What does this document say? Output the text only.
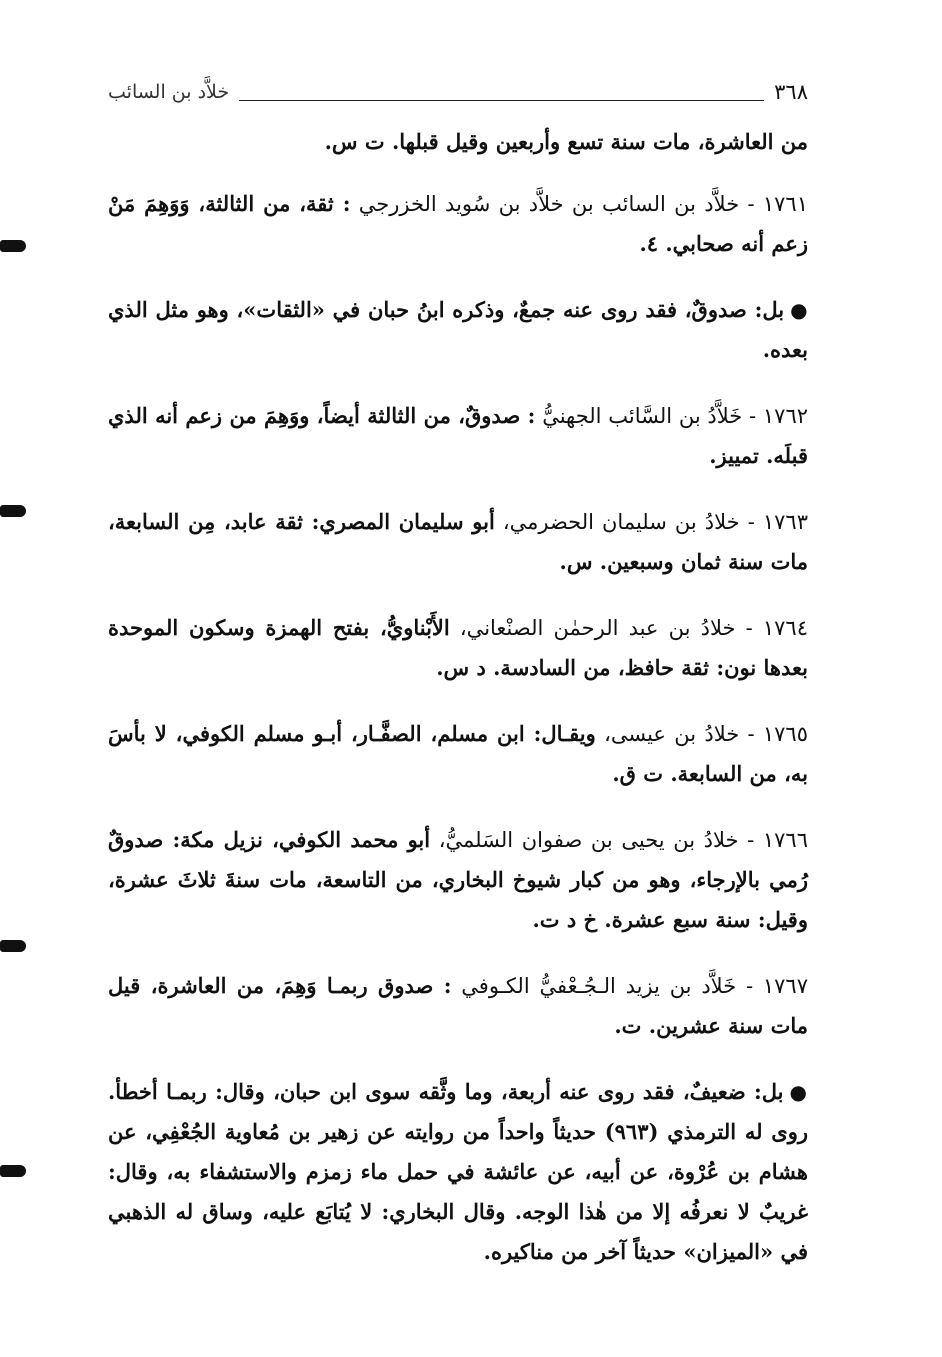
٣٦٨
خلاَّد بن السائب

من العاشرة، مات سنة تسع وأربعين وقيل قبلها. ت س.

١٧٦١ - خلاَّد بن السائب بن خلاَّد بن سُويد الخزرجي : ثقة، من الثالثة، وَوَهِمَ مَنْ زعم أنه صحابي. ٤.

●بل: صدوقٌ، فقد روى عنه جمعٌ، وذكره ابنُ حبان في «الثقات»، وهو مثل الذي بعده.

١٧٦٢ - خَلاَّدُ بن السَّائب الجهنيُّ : صدوقٌ، من الثالثة أيضاً، ووَهِمَ من زعم أنه الذي قبلَه. تمييز.

١٧٦٣ - خلادُ بن سليمان الحضرمي، أبو سليمان المصري: ثقة عابد، مِن السابعة، مات سنة ثمان وسبعين. س.

١٧٦٤ - خلادُ بن عبد الرحمٰن الصنْعاني، الأَبْناويُّ، بفتح الهمزة وسكون الموحدة بعدها نون: ثقة حافظ، من السادسة. د س.

١٧٦٥ - خلادُ بن عيسى، ويقـال: ابن مسلم، الصفَّـار، أبـو مسلم الكوفي، لا بأسَ به، من السابعة. ت ق.

١٧٦٦ - خلادُ بن يحيى بن صفوان السَلميُّ، أبو محمد الكوفي، نزيل مكة: صدوقٌ رُمي بالإرجاء، وهو من كبار شيوخ البخاري، من التاسعة، مات سنةَ ثلاثَ عشرة، وقيل: سنة سبع عشرة. خ د ت.

١٧٦٧ - خَلاَّد بن يزيد الـجُـعْفيُّ الكـوفي : صدوق ربمـا وَهِمَ، من العاشرة، قيل مات سنة عشرين. ت.

●بل: ضعيفٌ، فقد روى عنه أربعة، وما وثَّقه سوى ابن حبان، وقال: ربمـا أخطأ. روى له الترمذي (٩٦٣) حديثاً واحداً من روايته عن زهير بن مُعاوية الجُعْفِي، عن هشام بن عُرْوة، عن أبيه، عن عائشة في حمل ماء زمزم والاستشفاء به، وقال: غريبٌ لا نعرفُه إلا من هٰذا الوجه. وقال البخاري: لا يُتابَع عليه، وساق له الذهبي في «الميزان» حديثاً آخر من مناكيره.
